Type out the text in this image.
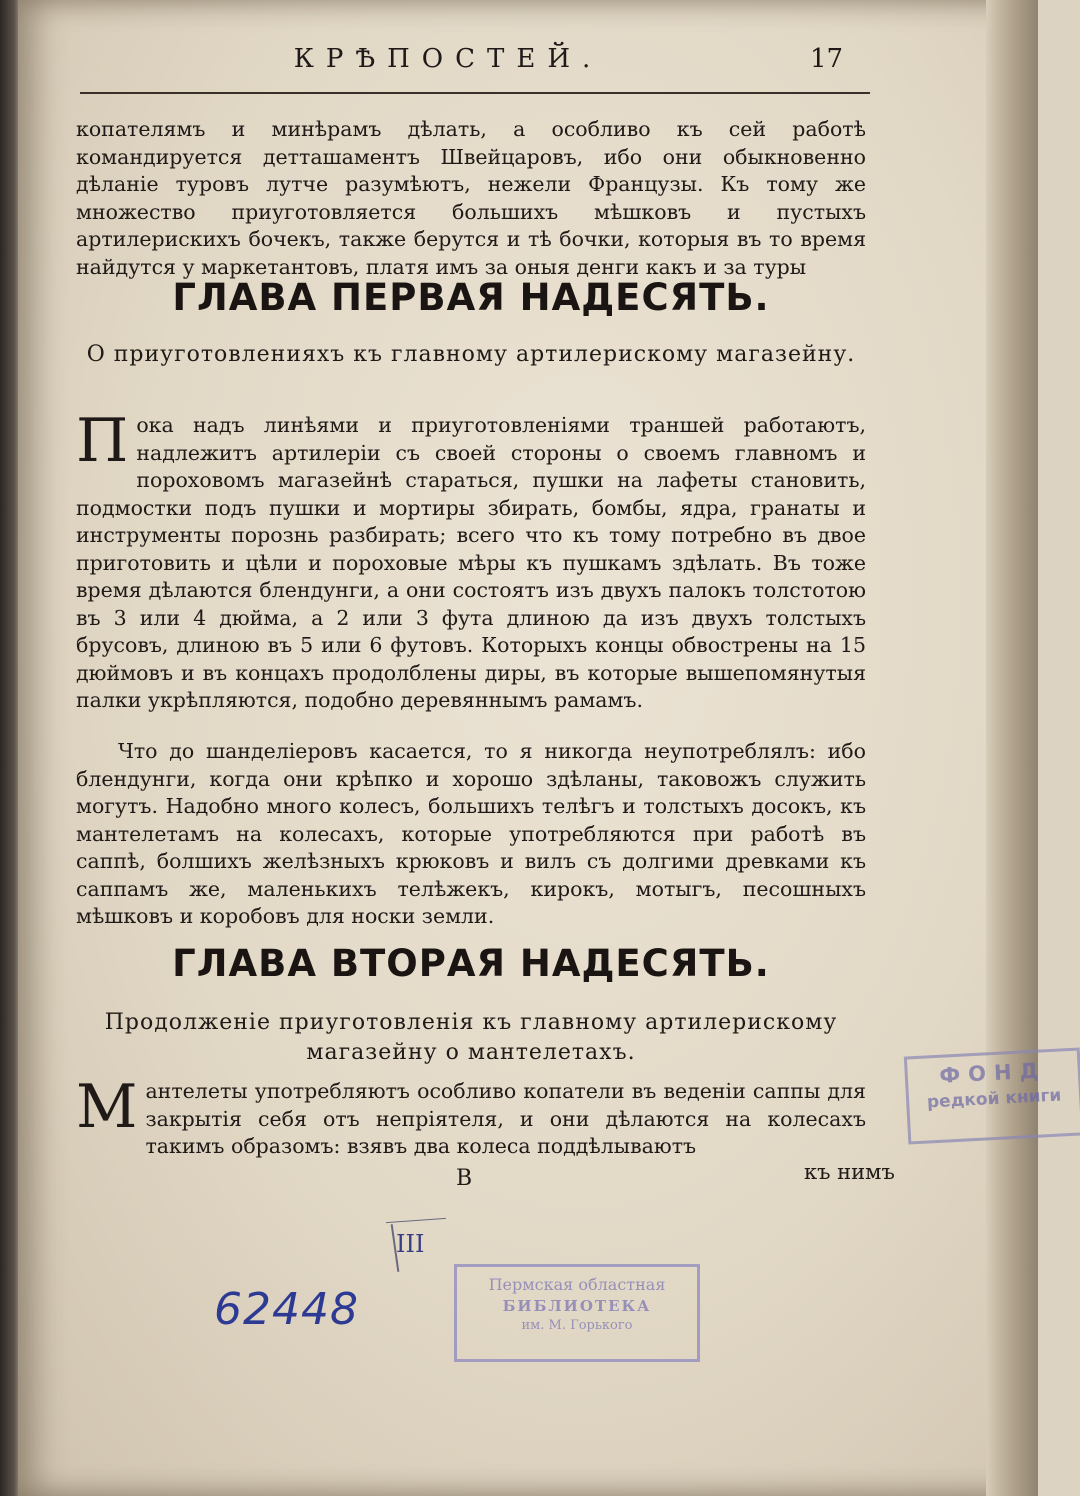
КРѢПОСТЕЙ.	17

копателямъ и минѣрамъ дѣлать, а особливо къ сей работѣ командируется детташаментъ Швейцаровъ, ибо они обыкновенно дѣланіе туровъ лутче разумѣютъ, нежели Французы. Къ тому же множество приуготовляется большихъ мѣшковъ и пустыхъ артилерискихъ бочекъ, также берутся и тѣ бочки, которыя въ то время найдутся у маркетантовъ, платя имъ за оныя денги какъ и за туры

ГЛАВА ПЕРВАЯ НАДЕСЯТЬ.

О приуготовленияхъ къ главному артилерискому магазейну.

Пока надъ линѣями и приуготовленіями траншей работаютъ, надлежитъ артилеріи съ своей стороны о своемъ главномъ и пороховомъ магазейнѣ стараться, пушки на лафеты становить, подмостки подъ пушки и мортиры збирать, бомбы, ядра, гранаты и инструменты порознь разбирать; всего что къ тому потребно въ двое приготовить и цѣли и пороховые мѣры къ пушкамъ здѣлать. Въ тоже время дѣлаются блендунги, а они состоятъ изъ двухъ палокъ толстотою въ 3 или 4 дюйма, а 2 или 3 фута длиною да изъ двухъ толстыхъ брусовъ, длиною въ 5 или 6 футовъ. Которыхъ концы обвострены на 15 дюймовъ и въ концахъ продолблены диры, въ которые вышепомянутыя палки укрѣпляются, подобно деревяннымъ рамамъ.

Что до шанделіеровъ касается, то я никогда неупотреблялъ: ибо блендунги, когда они крѣпко и хорошо здѣланы, таковожъ служить могутъ. Надобно много колесъ, большихъ телѣгъ и толстыхъ досокъ, къ мантелетамъ на колесахъ, которые употребляются при работѣ въ саппѣ, болшихъ желѣзныхъ крюковъ и вилъ съ долгими древками къ саппамъ же, маленькихъ телѣжекъ, кирокъ, мотыгъ, песошныхъ мѣшковъ и коробовъ для носки земли.

ГЛАВА ВТОРАЯ НАДЕСЯТЬ.

Продолженіе приуготовленія къ главному артилерискому магазейну о мантелетахъ.

Мантелеты употребляютъ особливо копатели въ веденіи саппы для закрытія себя отъ непріятеля, и они дѣлаются на колесахъ такимъ образомъ: взявъ два колеса поддѣлываютъ
B	къ нимъ
ФОНД
редкой книги
III
62448	Пермская областная
БИБЛИОТЕКА
им. М. Горького
